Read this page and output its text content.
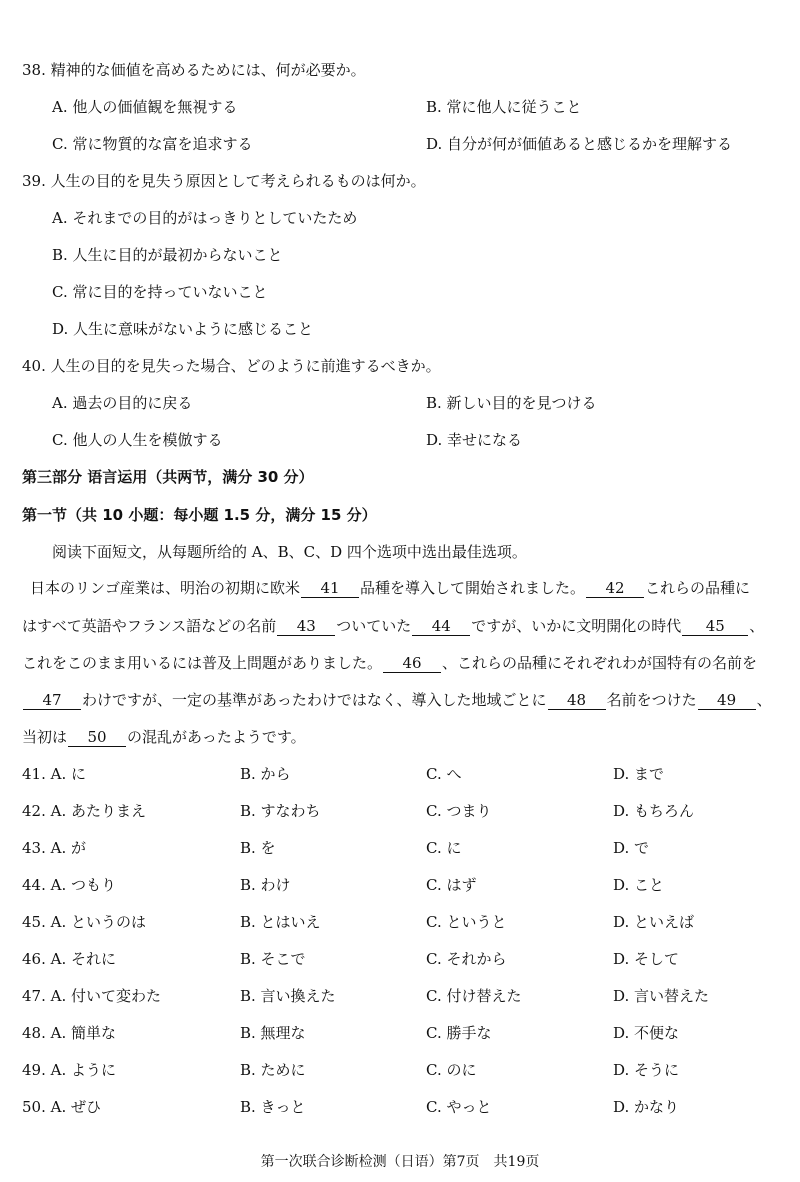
38. 精神的な価値を高めるためには、何が必要か。
A. 他人の価値観を無視する	B. 常に他人に従うこと
C. 常に物質的な富を追求する	D. 自分が何が価値あると感じるかを理解する
39. 人生の目的を見失う原因として考えられるものは何か。
A. それまでの目的がはっきりとしていたため
B. 人生に目的が最初からないこと
C. 常に目的を持っていないこと
D. 人生に意味がないように感じること
40. 人生の目的を見失った場合、どのように前進するべきか。
A. 過去の目的に戻る	B. 新しい目的を見つける
C. 他人の人生を模倣する	D. 幸せになる
第三部分 语言运用（共两节，满分 30 分）
第一节（共 10 小题：每小题 1.5 分，满分 15 分）
阅读下面短文，从每题所给的 A、B、C、D 四个选项中选出最佳选项。
日本のリンゴ産業は、明治の初期に欧米 41 品種を導入して開始されました。 42 これらの品種に
はすべて英語やフランス語などの名前 43 ついていた 44 ですが、いかに文明開化の時代 45 、
これをこのまま用いるには普及上問題がありました。 46 、これらの品種にそれぞれわが国特有の名前を
47 わけですが、一定の基準があったわけではなく、導入した地域ごとに 48 名前をつけた 49 、
当初は 50 の混乱があったようです。
41. A. に	B. から	C. へ	D. まで
42. A. あたりまえ	B. すなわち	C. つまり	D. もちろん
43. A. が	B. を	C. に	D. で
44. A. つもり	B. わけ	C. はず	D. こと
45. A. というのは	B. とはいえ	C. というと	D. といえば
46. A. それに	B. そこで	C. それから	D. そして
47. A. 付いて変わた	B. 言い換えた	C. 付け替えた	D. 言い替えた
48. A. 簡単な	B. 無理な	C. 勝手な	D. 不便な
49. A. ように	B. ために	C. のに	D. そうに
50. A. ぜひ	B. きっと	C. やっと	D. かなり
第一次联合诊断检测（日语）第7页　共19页
